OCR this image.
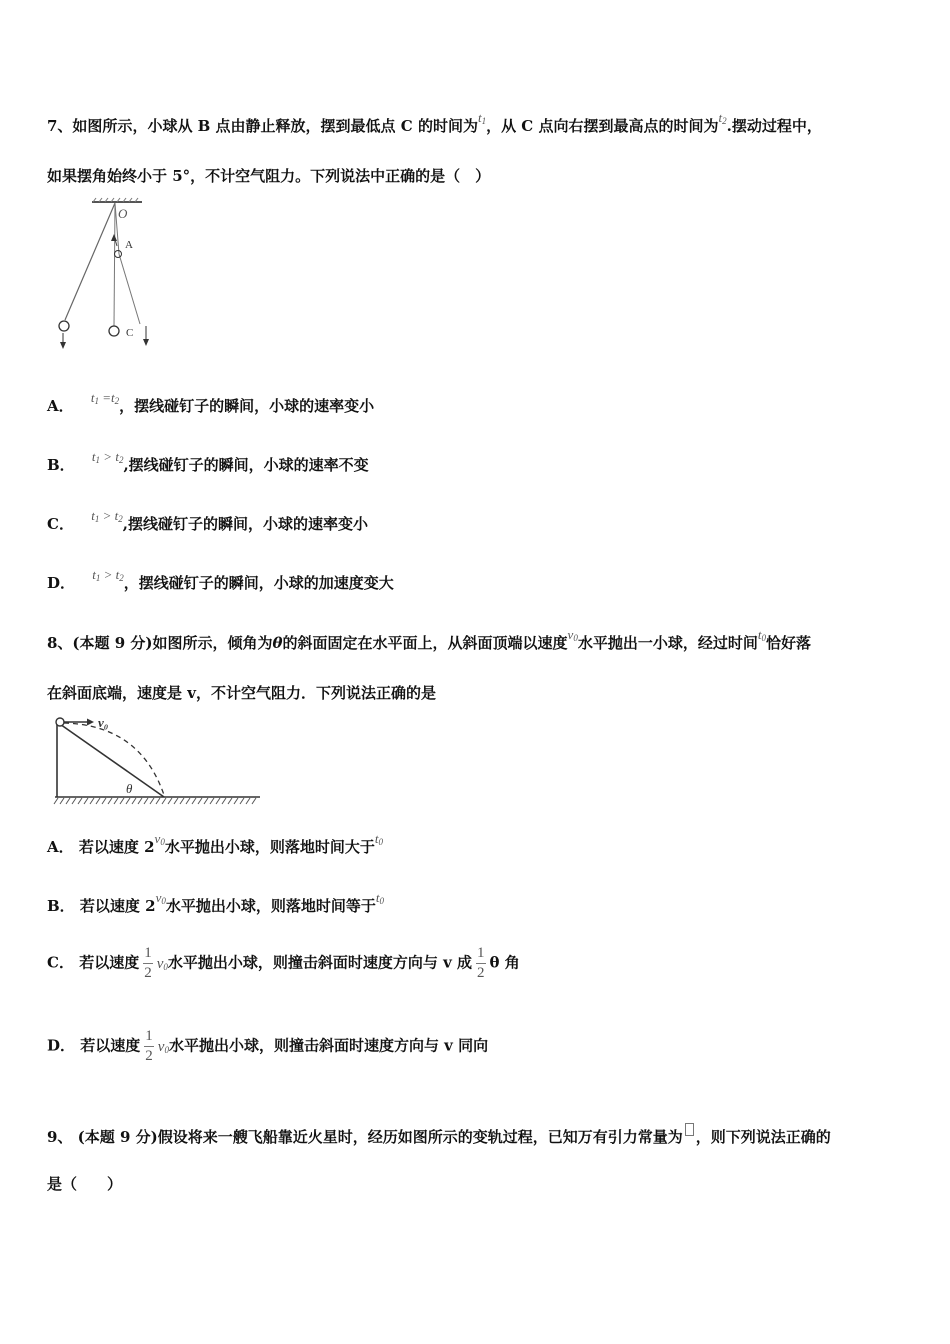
7、如图所示，小球从 B 点由静止释放，摆到最低点 C 的时间为$t_1$，从 C 点向右摆到最高点的时间为$t_2$.摆动过程中，
如果摆角始终小于 5°，不计空气阻力。下列说法中正确的是（　）
O
A
C
A． $t_1 =t_2$，摆线碰钉子的瞬间，小球的速率变小
B． $t_1 > t_2$,摆线碰钉子的瞬间，小球的速率不变
C． $t_1 > t_2$,摆线碰钉子的瞬间，小球的速率变小
D． $t_1 > t_2$，摆线碰钉子的瞬间，小球的加速度变大
8、(本题 9 分)如图所示，倾角为θ的斜面固定在水平面上，从斜面顶端以速度$v_0$水平抛出一小球，经过时间$t_0$恰好落
在斜面底端，速度是 v，不计空气阻力．下列说法正确的是
v₀
θ
A． 若以速度 $2v_0$水平抛出小球，则落地时间大于$t_0$
B． 若以速度 $2v_0$水平抛出小球，则落地时间等于$t_0$
C． 若以速度 $\frac{1}{2} v_0$水平抛出小球，则撞击斜面时速度方向与 v 成 $\frac{1}{2}$ θ 角
D． 若以速度 $\frac{1}{2} v_0$水平抛出小球，则撞击斜面时速度方向与 v 同向
9、 (本题 9 分)假设将来一艘飞船靠近火星时，经历如图所示的变轨过程，已知万有引力常量为 ，则下列说法正确的
是（　　）
